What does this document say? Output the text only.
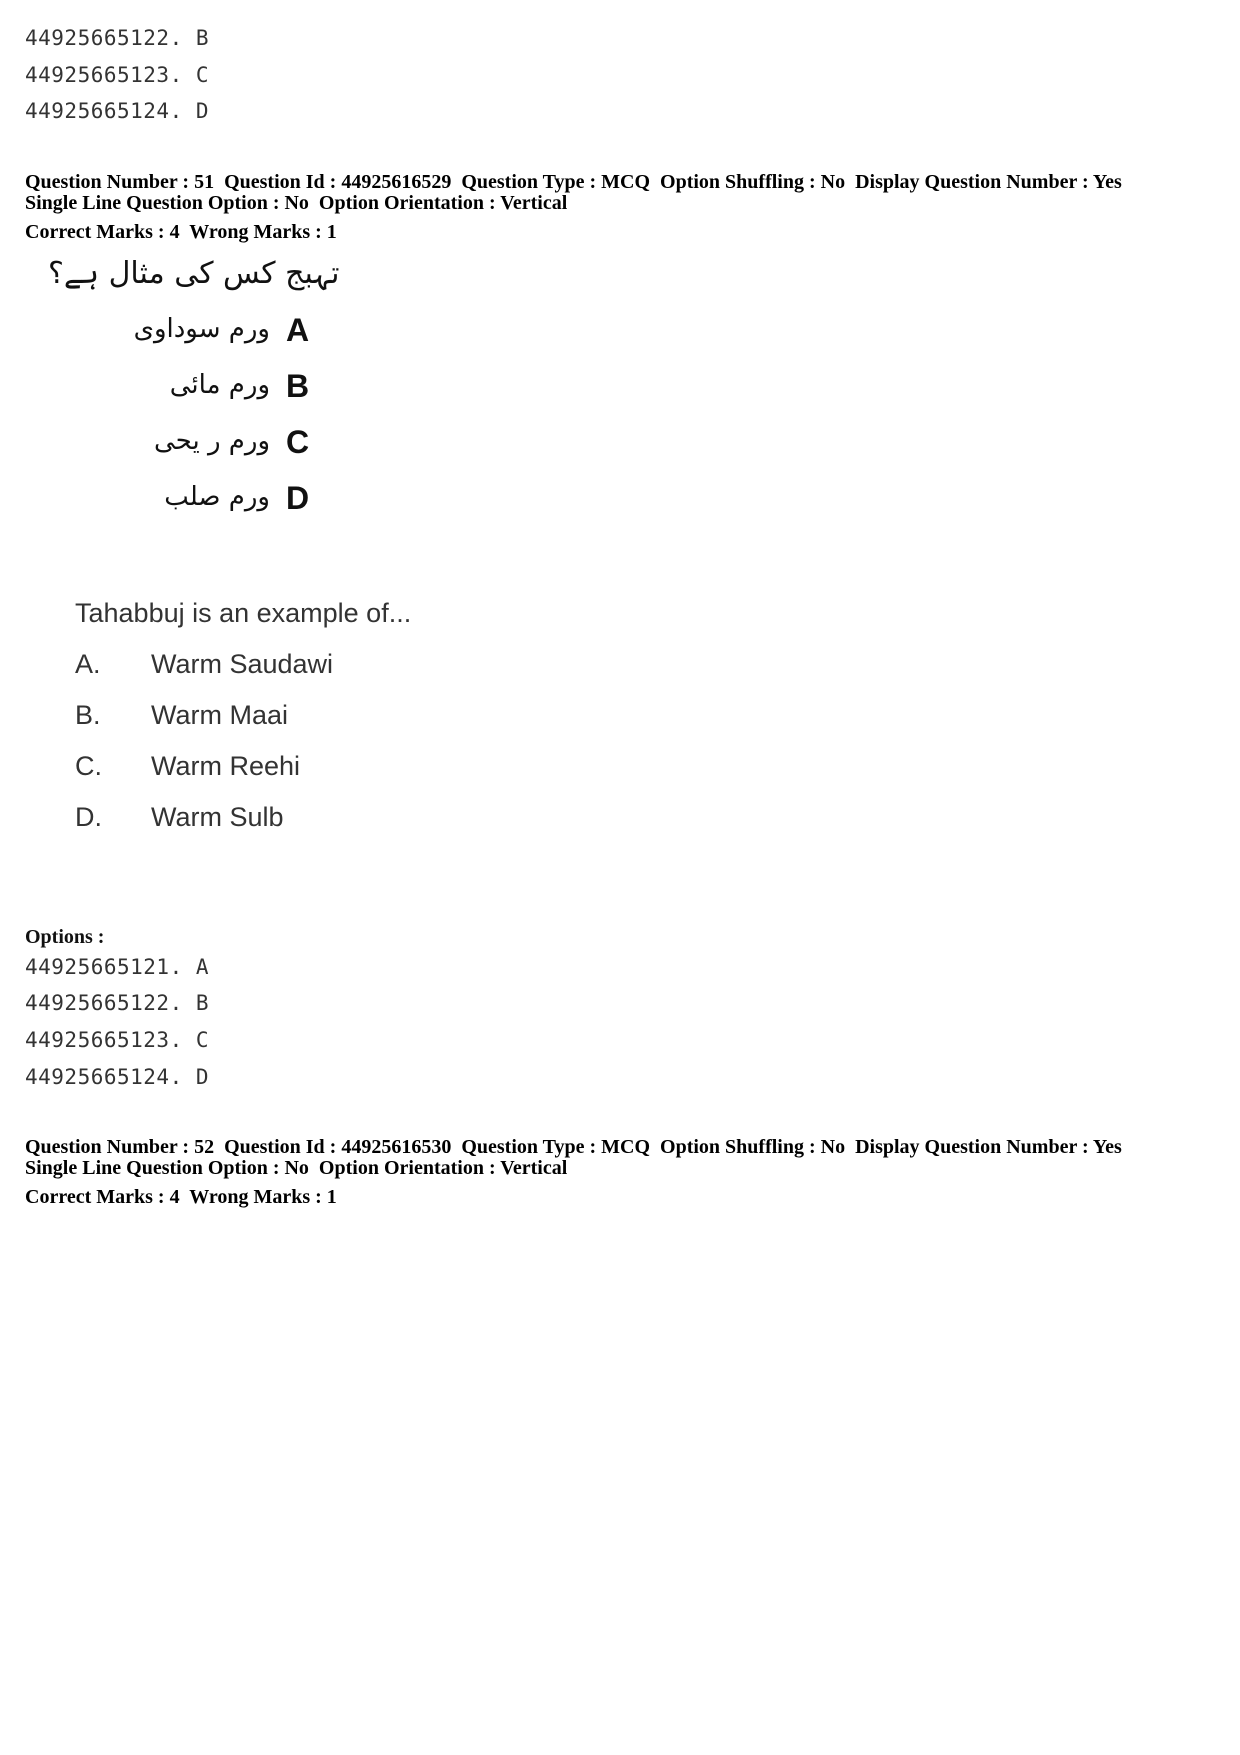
44925665122. B
44925665123. C
44925665124. D
Question Number : 51  Question Id : 44925616529  Question Type : MCQ  Option Shuffling : No  Display Question Number : Yes
Single Line Question Option : No  Option Orientation : Vertical
Correct Marks : 4  Wrong Marks : 1
تہبج کس کی مثال ہے؟
A
ورم سوداوی
B
ورم مائی
C
ورم ر یحی
D
ورم صلب
Tahabbuj is an example of...
A. Warm Saudawi
B. Warm Maai
C. Warm Reehi
D. Warm Sulb
Options :
44925665121. A
44925665122. B
44925665123. C
44925665124. D
Question Number : 52  Question Id : 44925616530  Question Type : MCQ  Option Shuffling : No  Display Question Number : Yes
Single Line Question Option : No  Option Orientation : Vertical
Correct Marks : 4  Wrong Marks : 1
